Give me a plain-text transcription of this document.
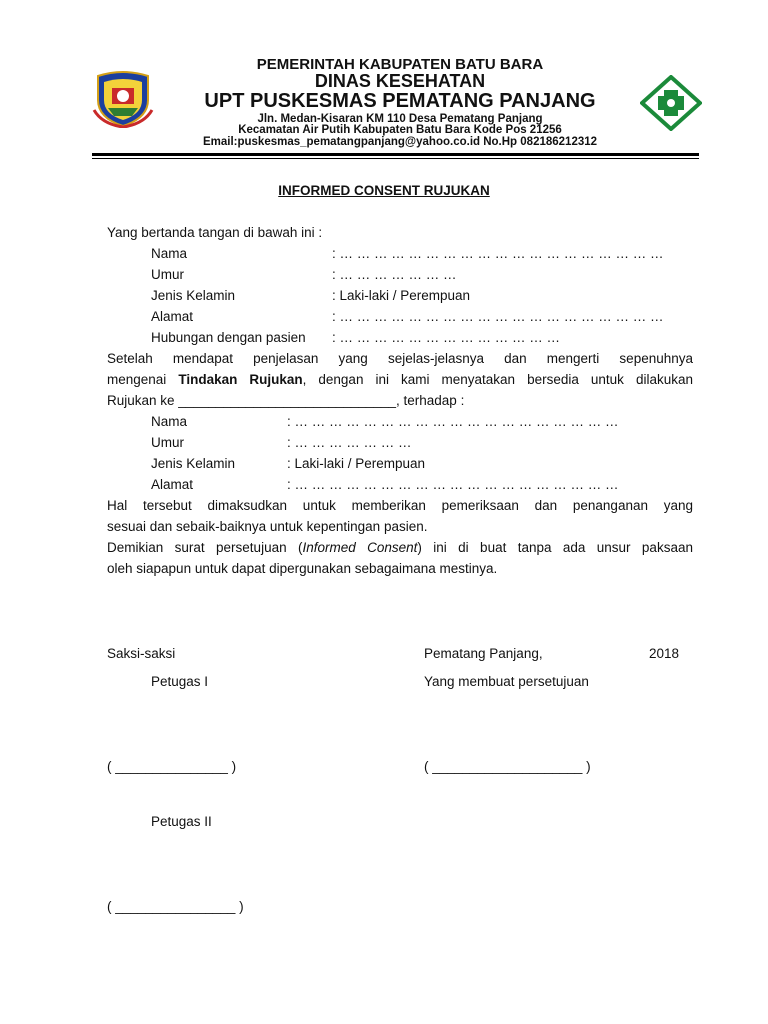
PEMERINTAH KABUPATEN BATU BARA
DINAS KESEHATAN
UPT PUSKESMAS PEMATANG PANJANG
Jln. Medan-Kisaran KM 110 Desa Pematang Panjang
Kecamatan Air Putih Kabupaten Batu Bara Kode Pos 21256
Email:puskesmas_pematangpanjang@yahoo.co.id No.Hp 082186212312
INFORMED CONSENT RUJUKAN
Yang bertanda tangan di bawah ini :
Nama	: … … … … … … … … … … … … … … … … … … …
Umur	: … … … … … … …
Jenis Kelamin	: Laki-laki / Perempuan
Alamat	: … … … … … … … … … … … … … … … … … … …
Hubungan dengan pasien : … … … … … … … … … … … … …
Setelah mendapat penjelasan yang sejelas-jelasnya dan mengerti sepenuhnya
mengenai Tindakan Rujukan, dengan ini kami menyatakan bersedia untuk dilakukan
Rujukan ke _____________________________, terhadap :
Nama	: … … … … … … … … … … … … … … … … … … …
Umur	: … … … … … … …
Jenis Kelamin	: Laki-laki / Perempuan
Alamat	: … … … … … … … … … … … … … … … … … … …
Hal tersebut dimaksudkan untuk memberikan pemeriksaan dan penanganan yang
sesuai dan sebaik-baiknya untuk kepentingan pasien.
Demikian surat persetujuan (Informed Consent) ini di buat tanpa ada unsur paksaan
oleh siapapun untuk dapat dipergunakan sebagaimana mestinya.
Saksi-saksi	Pematang Panjang,	2018
Petugas I	Yang membuat persetujuan
( _______________ )	( ____________________ )
Petugas II
( ________________ )
